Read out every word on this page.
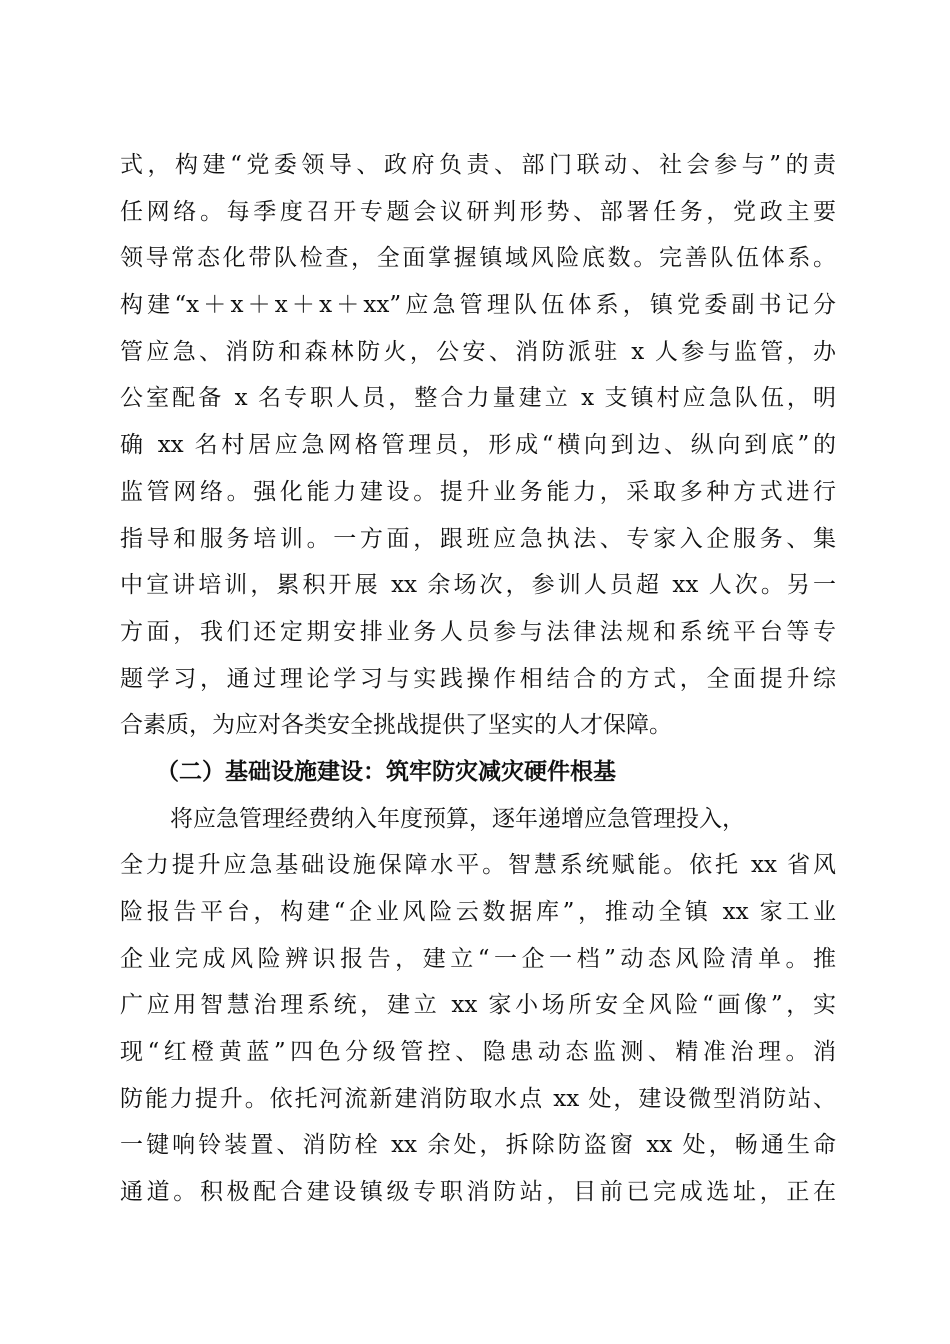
式，构建“党委领导、政府负责、部门联动、社会参与”的责
任网络。每季度召开专题会议研判形势、部署任务，党政主要
领导常态化带队检查，全面掌握镇域风险底数。完善队伍体系。
构建“x＋x＋x＋x＋xx”应急管理队伍体系，镇党委副书记分
管应急、消防和森林防火，公安、消防派驻 x 人参与监管，办
公室配备 x 名专职人员，整合力量建立 x 支镇村应急队伍，明
确 xx 名村居应急网格管理员，形成“横向到边、纵向到底”的
监管网络。强化能力建设。提升业务能力，采取多种方式进行
指导和服务培训。一方面，跟班应急执法、专家入企服务、集
中宣讲培训，累积开展 xx 余场次，参训人员超 xx 人次。另一
方面，我们还定期安排业务人员参与法律法规和系统平台等专
题学习，通过理论学习与实践操作相结合的方式，全面提升综
合素质，为应对各类安全挑战提供了坚实的人才保障。
（二）基础设施建设：筑牢防灾减灾硬件根基
将应急管理经费纳入年度预算，逐年递增应急管理投入，
全力提升应急基础设施保障水平。智慧系统赋能。依托 xx 省风
险报告平台，构建“企业风险云数据库”，推动全镇 xx 家工业
企业完成风险辨识报告，建立“一企一档”动态风险清单。推
广应用智慧治理系统，建立 xx 家小场所安全风险“画像”，实
现“红橙黄蓝”四色分级管控、隐患动态监测、精准治理。消
防能力提升。依托河流新建消防取水点 xx 处，建设微型消防站、
一键响铃装置、消防栓 xx 余处，拆除防盗窗 xx 处，畅通生命
通道。积极配合建设镇级专职消防站，目前已完成选址，正在
